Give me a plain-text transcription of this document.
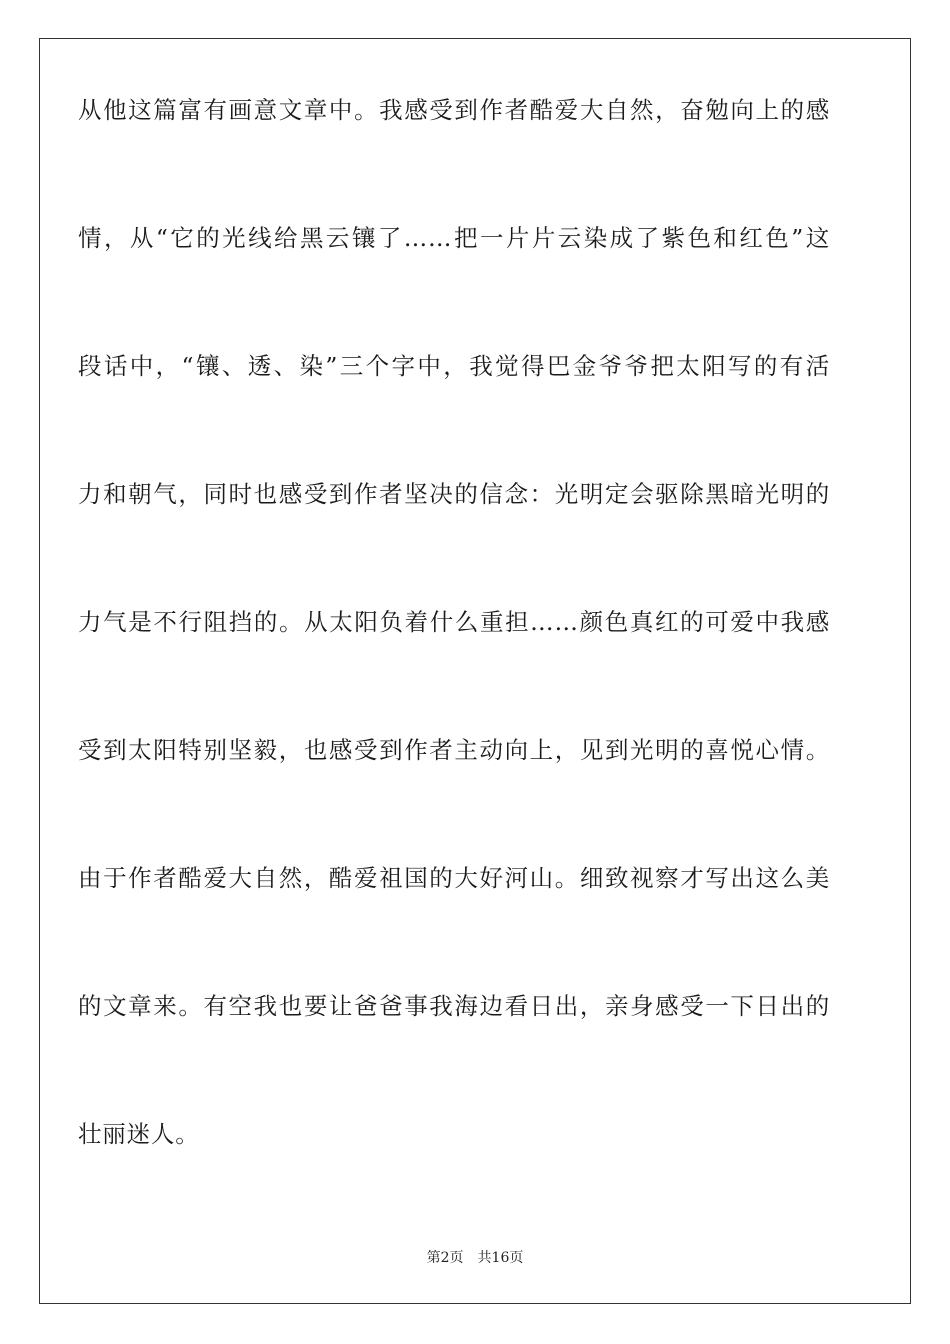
从他这篇富有画意文章中。我感受到作者酷爱大自然，奋勉向上的感
情，从“它的光线给黑云镶了……把一片片云染成了紫色和红色”这
段话中，“镶、透、染”三个字中，我觉得巴金爷爷把太阳写的有活
力和朝气，同时也感受到作者坚决的信念：光明定会驱除黑暗光明的
力气是不行阻挡的。从太阳负着什么重担……颜色真红的可爱中我感
受到太阳特别坚毅，也感受到作者主动向上，见到光明的喜悦心情。
由于作者酷爱大自然，酷爱祖国的大好河山。细致视察才写出这么美
的文章来。有空我也要让爸爸事我海边看日出，亲身感受一下日出的
壮丽迷人。
第2页 共16页
